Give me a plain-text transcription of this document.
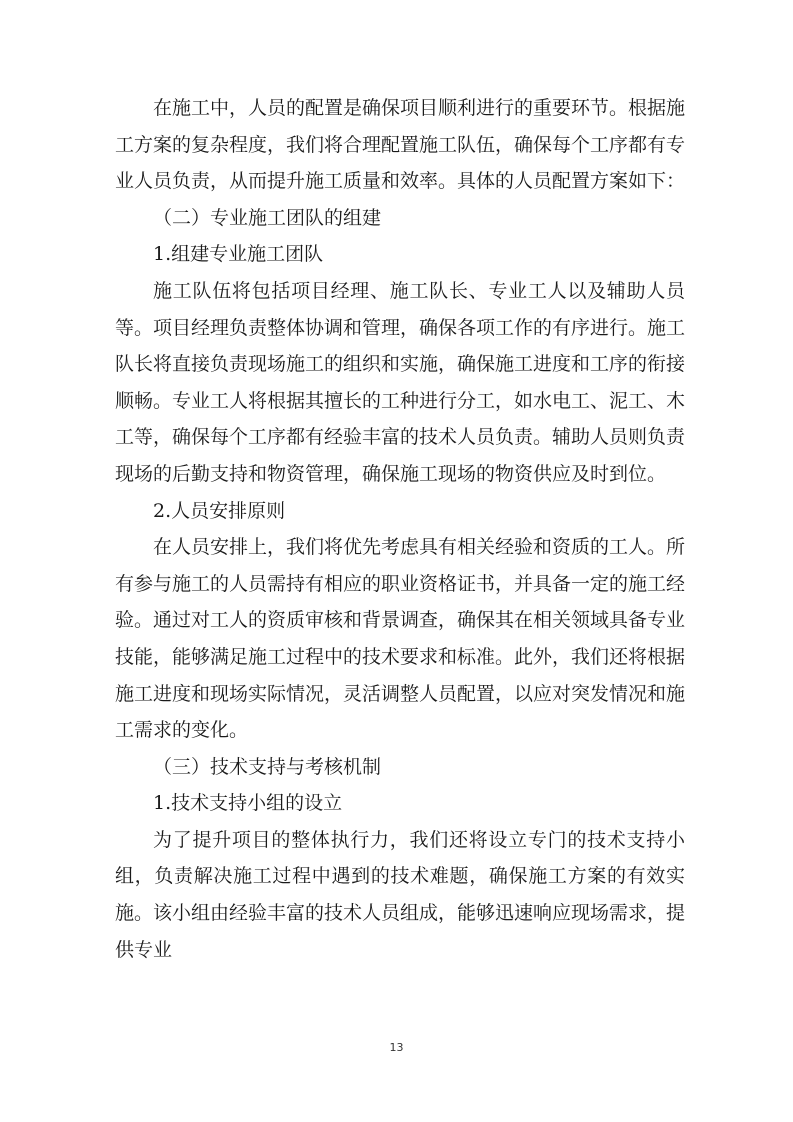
在施工中，人员的配置是确保项目顺利进行的重要环节。根据施工方案的复杂程度，我们将合理配置施工队伍，确保每个工序都有专业人员负责，从而提升施工质量和效率。具体的人员配置方案如下：

（二）专业施工团队的组建

1.组建专业施工团队

施工队伍将包括项目经理、施工队长、专业工人以及辅助人员等。项目经理负责整体协调和管理，确保各项工作的有序进行。施工队长将直接负责现场施工的组织和实施，确保施工进度和工序的衔接顺畅。专业工人将根据其擅长的工种进行分工，如水电工、泥工、木工等，确保每个工序都有经验丰富的技术人员负责。辅助人员则负责现场的后勤支持和物资管理，确保施工现场的物资供应及时到位。

2.人员安排原则

在人员安排上，我们将优先考虑具有相关经验和资质的工人。所有参与施工的人员需持有相应的职业资格证书，并具备一定的施工经验。通过对工人的资质审核和背景调查，确保其在相关领域具备专业技能，能够满足施工过程中的技术要求和标准。此外，我们还将根据施工进度和现场实际情况，灵活调整人员配置，以应对突发情况和施工需求的变化。

（三）技术支持与考核机制

1.技术支持小组的设立

为了提升项目的整体执行力，我们还将设立专门的技术支持小组，负责解决施工过程中遇到的技术难题，确保施工方案的有效实施。该小组由经验丰富的技术人员组成，能够迅速响应现场需求，提供专业

13
